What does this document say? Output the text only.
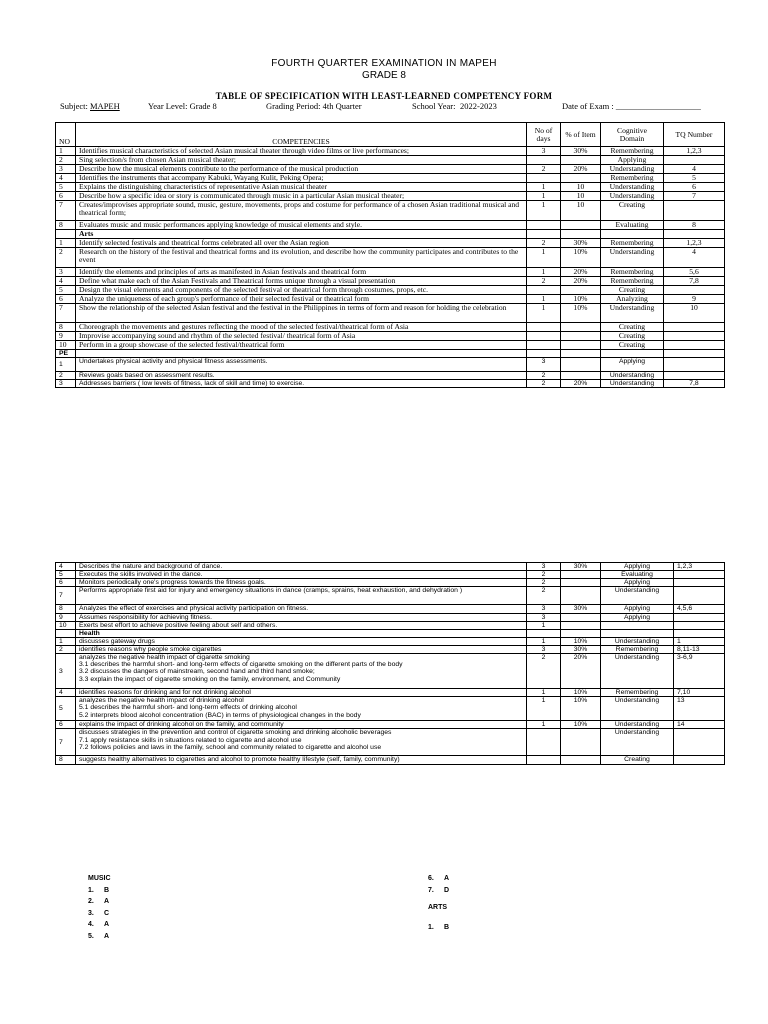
FOURTH QUARTER EXAMINATION IN MAPEH
GRADE 8
TABLE OF SPECIFICATION WITH LEAST-LEARNED COMPETENCY FORM
Subject: MAPEH	Year Level: Grade 8	Grading Period: 4th Quarter	School Year: 2022-2023	Date of Exam : ____________________
NO	COMPETENCIES	No of days	% of Item	Cognitive Domain	TQ Number
1	Identifies musical characteristics of selected Asian musical theater through video films or live performances;	3	30%	Remembering	1,2,3
2	Sing selection/s from chosen Asian musical theater;			Applying	
3	Describe how the musical elements contribute to the performance of the musical production	2	20%	Understanding	4
4	Identifies the instruments that accompany Kabuki, Wayang Kulit, Peking Opera;			Remembering	5
5	Explains the distinguishing characteristics of representative Asian musical theater	1	10	Understanding	6
6	Describe how a specific idea or story is communicated through music in a particular Asian musical theater;	1	10	Understanding	7
7	Creates/improvises appropriate sound, music, gesture, movements, props and costume for performance of a chosen Asian traditional musical and theatrical form;	1	10	Creating	
8	Evaluates music and music performances applying knowledge of musical elements and style.			Evaluating	8
	Arts				
1	Identify selected festivals and theatrical forms celebrated all over the Asian region	2	30%	Remembering	1,2,3
2	Research on the history of the festival and theatrical forms and its evolution, and describe how the community participates and contributes to the event	1	10%	Understanding	4
3	Identify the elements and principles of arts as manifested in Asian festivals and theatrical form	1	20%	Remembering	5,6
4	Define what make each of the Asian Festivals and Theatrical forms unique through a visual presentation	2	20%	Remembering	7,8
5	Design the visual elements and components of the selected festival or theatrical form through costumes, props, etc.			Creating	
6	Analyze the uniqueness of each group's performance of their selected festival or theatrical form	1	10%	Analyzing	9
7	Show the relationship of the selected Asian festival and the festival in the Philippines in terms of form and reason for holding the celebration	1	10%	Understanding	10
8	Choreograph the movements and gestures reflecting the mood of the selected festival/theatrical form of Asia			Creating	
9	Improvise accompanying sound and rhythm of the selected festival/ theatrical form of Asia			Creating	
10	Perform in a group showcase of the selected festival/theatrical form			Creating	
PE					
1	Undertakes physical activity and physical fitness assessments.	3		Applying	
2	Reviews goals based on assessment results.	2		Understanding	
3	Addresses barriers ( low levels of fitness, lack of skill and time) to exercise.	2	20%	Understanding	7,8
4	Describes the nature and background of dance.	3	30%	Applying	1,2,3
5	Executes the skills involved in the dance.	2		Evaluating	
6	Monitors periodically one's progress towards the fitness goals.	2		Applying	
7	Performs appropriate first aid for injury and emergency situations in dance (cramps, sprains, heat exhaustion, and dehydration )	2		Understanding	
8	Analyzes the effect of exercises and physical activity participation on fitness.	3	30%	Applying	4,5,6
9	Assumes responsibility for achieving fitness.	3		Applying	
10	Exerts best effort to achieve positive feeling about self and others.	1			
	Health				
1	discusses gateway drugs	1	10%	Understanding	1
2	identifies reasons why people smoke cigarettes	3	30%	Remembering	8,11-13
3	analyzes the negative health impact of cigarette smoking
3.1 describes the harmful short- and long-term effects of cigarette smoking on the different parts of the body
3.2 discusses the dangers of mainstream, second hand and third hand smoke;
3.3 explain the impact of cigarette smoking on the family, environment, and Community	2	20%	Understanding	3-6,9
4	identifies reasons for drinking and for not drinking alcohol	1	10%	Remembering	7,10
5	analyzes the negative health impact of drinking alcohol
5.1 describes the harmful short- and long-term effects of drinking alcohol
5.2 interprets blood alcohol concentration (BAC) in terms of physiological changes in the body	1	10%	Understanding	13
6	explains the impact of drinking alcohol on the family, and community	1	10%	Understanding	14
7	discusses strategies in the prevention and control of cigarette smoking and drinking alcoholic beverages
7.1 apply resistance skills in situations related to cigarette and alcohol use
7.2 follows policies and laws in the family, school and community related to cigarette and alcohol use			Understanding	
8	suggests healthy alternatives to cigarettes and alcohol to promote healthy lifestyle (self, family, community)			Creating	
MUSIC
1. B
2. A
3. C
4. A
5. A
6. A
7. D
ARTS
1. B
